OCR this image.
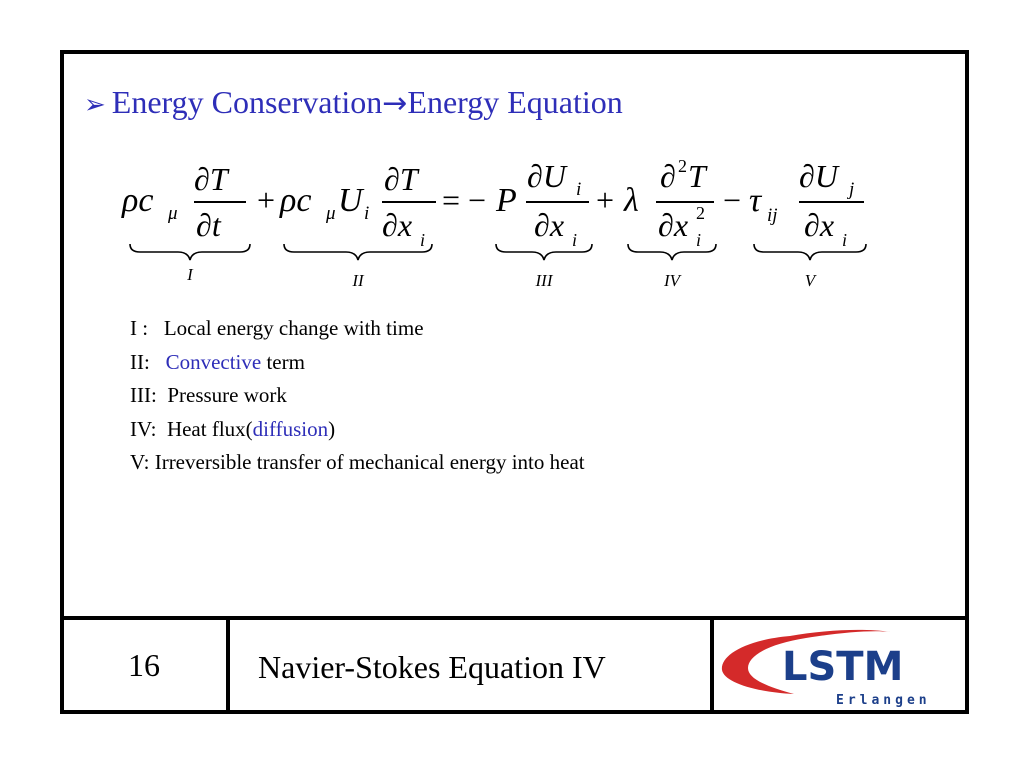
➢ Energy Conservation→Energy Equation
ρc μ
∂T
∂t
+ ρc μ U i
∂T
∂x i
= − P
∂U i
∂x i
+ λ
∂ 2 T
∂x 2
i
− τ ij
∂U j
∂x i
I	II	III	IV	V
I : Local energy change with time
II: Convective term
III: Pressure work
IV: Heat flux(diffusion)
V: Irreversible transfer of mechanical energy into heat
16	Navier-Stokes Equation IV	LSTM
Erlangen
